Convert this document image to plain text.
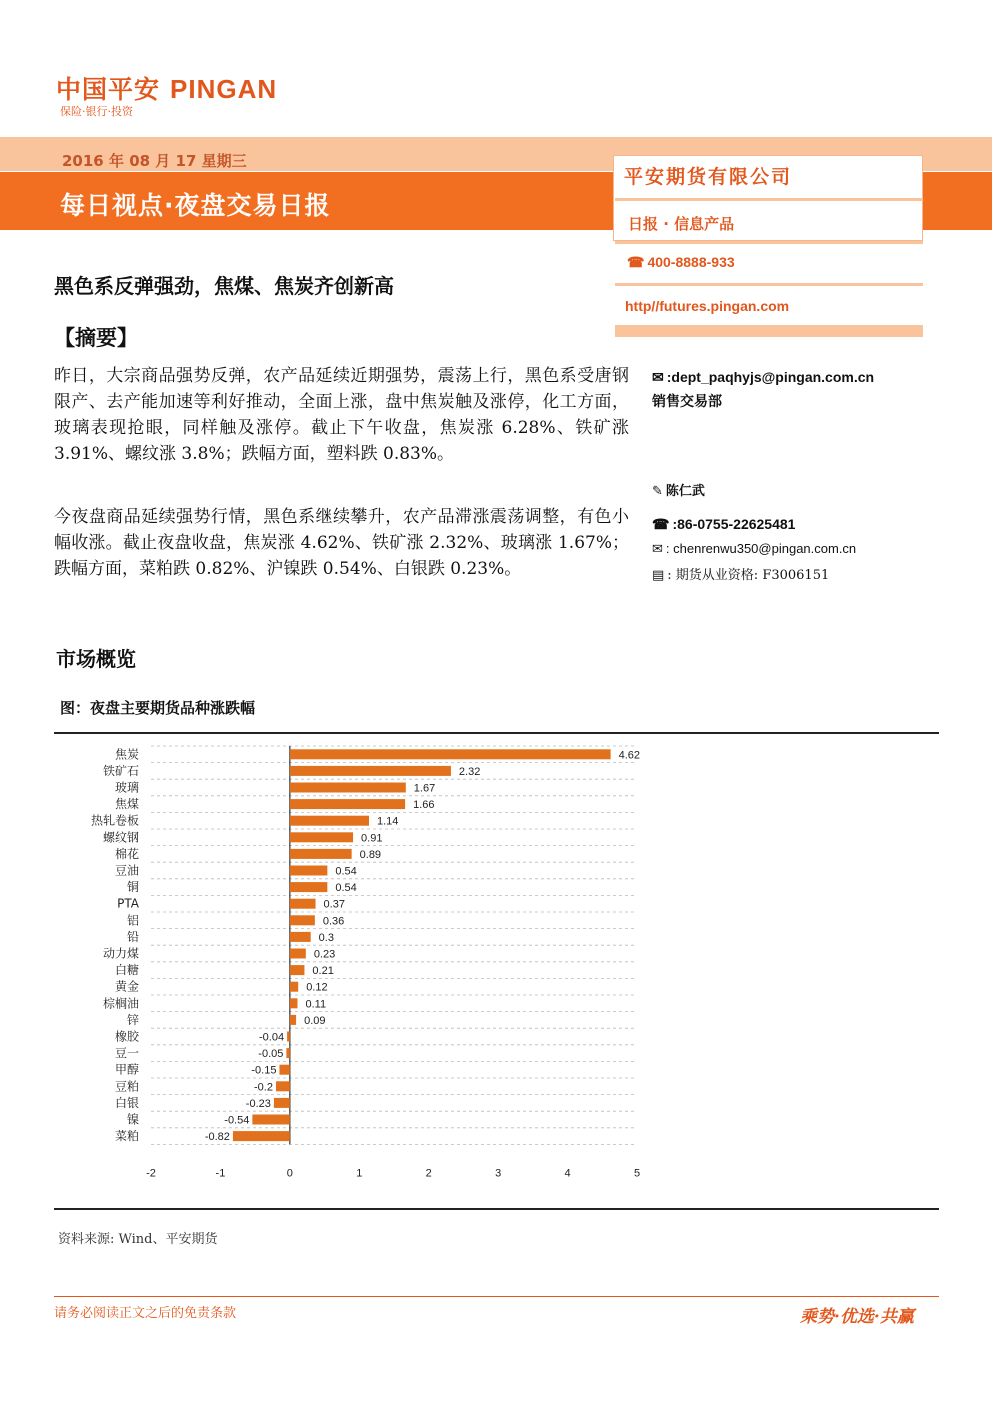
中国平安 PINGAN
保险·银行·投资
2016 年 08 月 17 星期三
每日视点·夜盘交易日报
平安期货有限公司
日报 · 信息产品
☎ 400-8888-933
http//futures.pingan.com
黑色系反弹强劲，焦煤、焦炭齐创新高
【摘要】
昨日，大宗商品强势反弹，农产品延续近期强势，震荡上行，黑色系受唐钢限产、去产能加速等利好推动，全面上涨，盘中焦炭触及涨停，化工方面，玻璃表现抢眼，同样触及涨停。截止下午收盘，焦炭涨 6.28%、铁矿涨 3.91%、螺纹涨 3.8%；跌幅方面，塑料跌 0.83%。
今夜盘商品延续强势行情，黑色系继续攀升，农产品滞涨震荡调整，有色小幅收涨。截止夜盘收盘，焦炭涨 4.62%、铁矿涨 2.32%、玻璃涨 1.67%；跌幅方面，菜粕跌 0.82%、沪镍跌 0.54%、白银跌 0.23%。
✉ :dept_paqhyjs@pingan.com.cn
销售交易部
✎ 陈仁武
☎ :86-0755-22625481
✉ : chenrenwu350@pingan.com.cn
▤ : 期货从业资格: F3006151
市场概览
图：夜盘主要期货品种涨跌幅
焦炭	4.62
铁矿石	2.32
玻璃	1.67
焦煤	1.66
热轧卷板	1.14
螺纹钢	0.91
棉花	0.89
豆油	0.54
铜	0.54
PTA	0.37
铝	0.36
铅	0.3
动力煤	0.23
白糖	0.21
黄金	0.12
棕榈油	0.11
锌	0.09
橡胶	-0.04
豆一	-0.05
甲醇	-0.15
豆粕	-0.2
白银	-0.23
镍	-0.54
菜粕	-0.82
-2	-1	0	1	2	3	4	5
资料来源: Wind、平安期货
请务必阅读正文之后的免责条款	乘势·优选·共赢
